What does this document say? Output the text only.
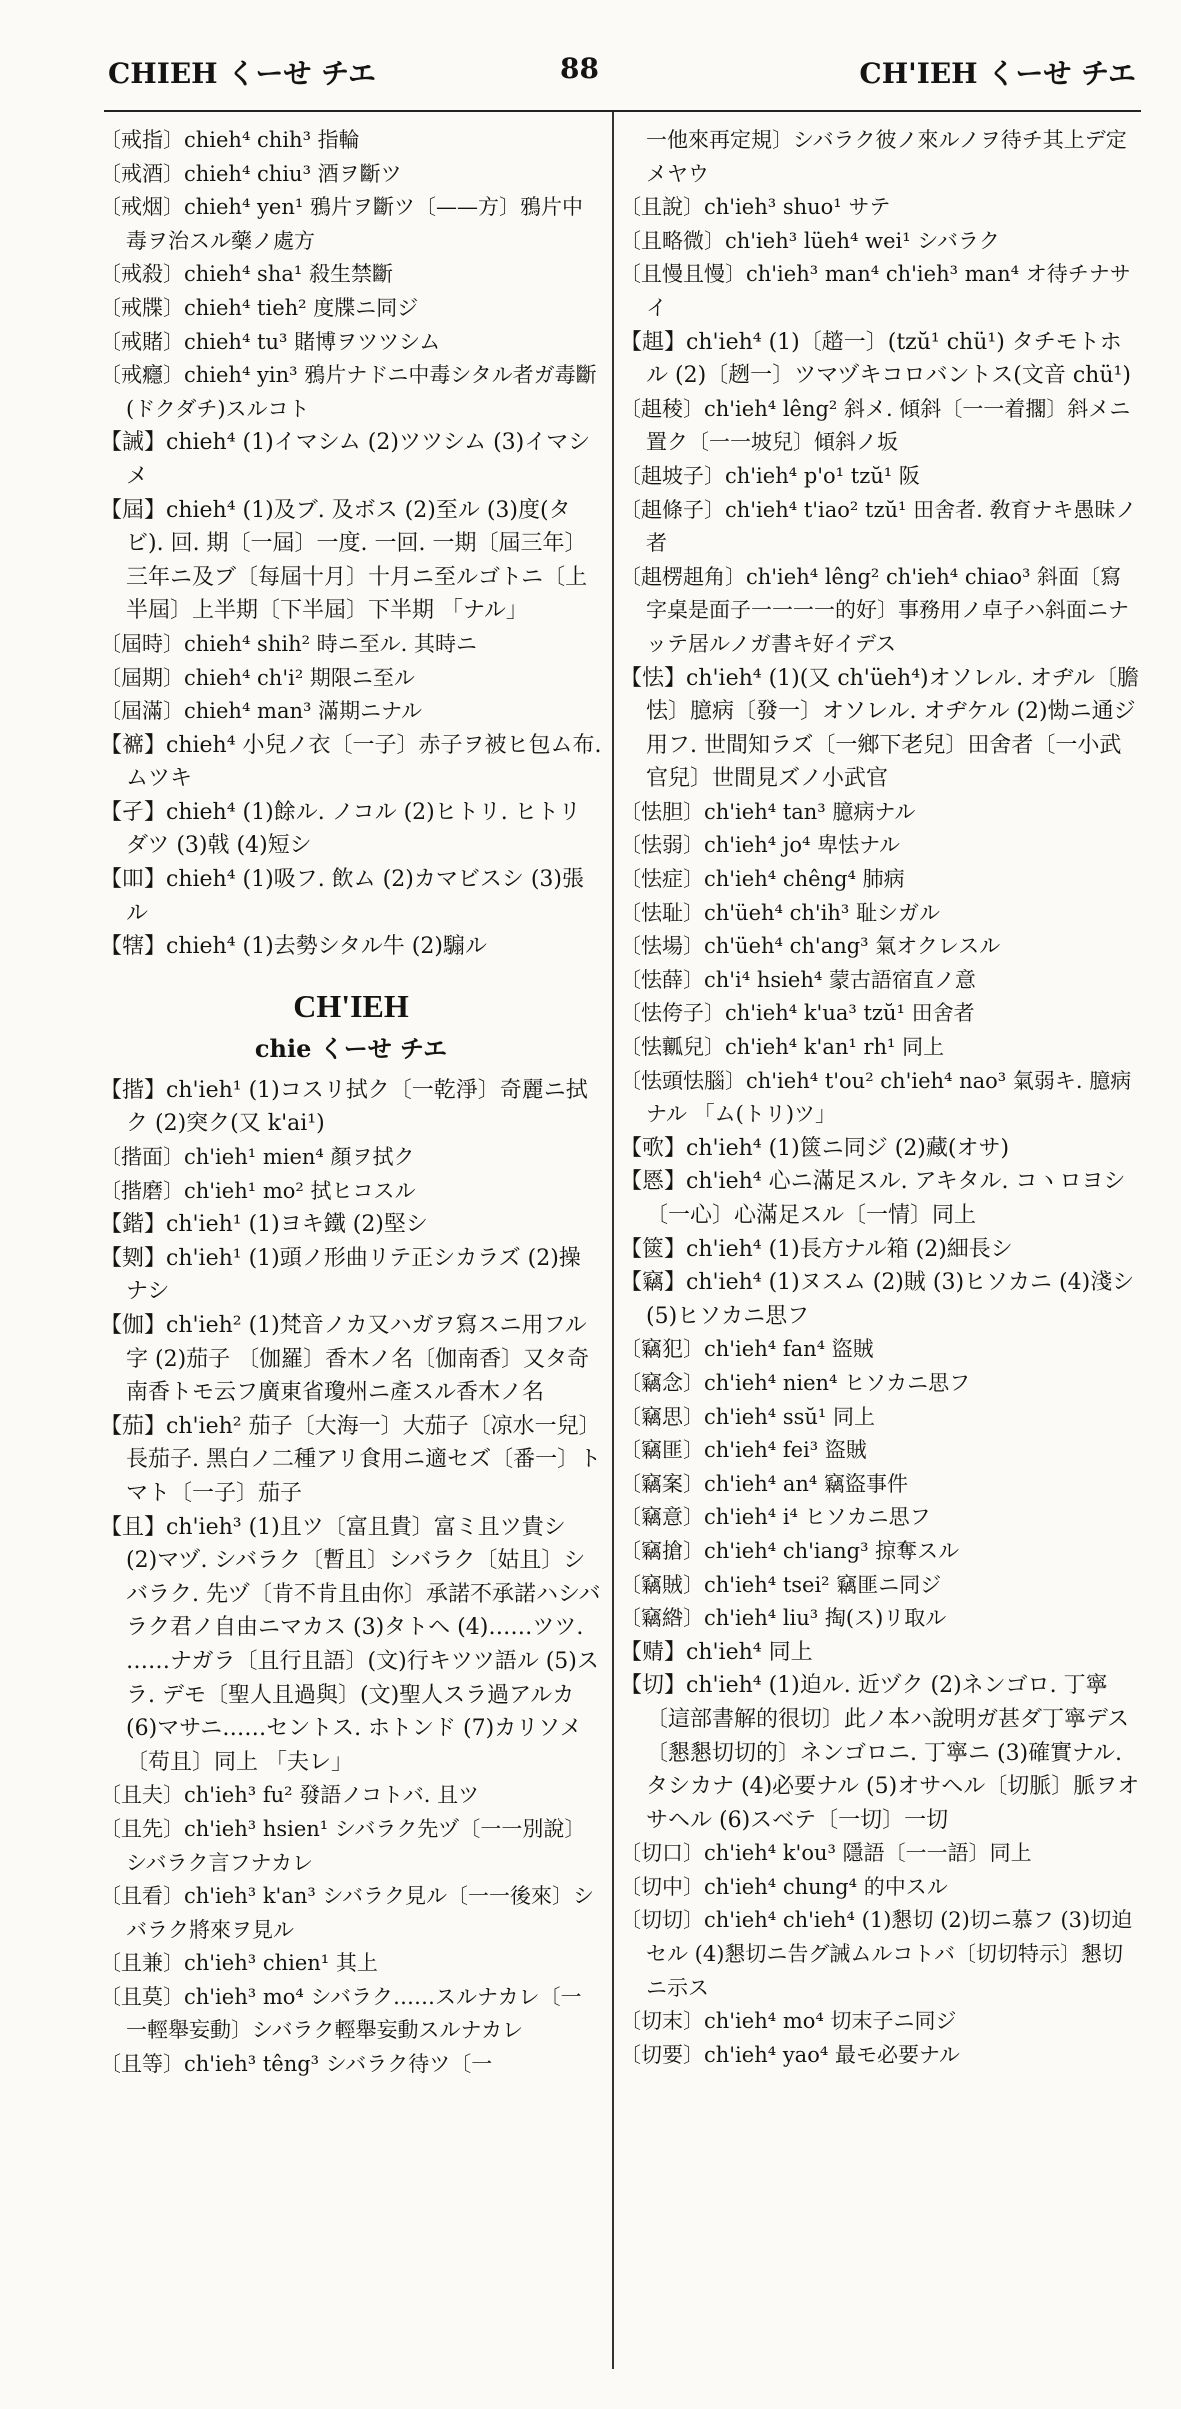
CHIEH くーせ チエ	88	CH'IEH くーせ チエ

〔戒指〕chieh⁴ chih³ 指輪

〔戒酒〕chieh⁴ chiu³ 酒ヲ斷ツ

〔戒烟〕chieh⁴ yen¹ 鴉片ヲ斷ツ〔——方〕鴉片中毒ヲ治スル藥ノ處方

〔戒殺〕chieh⁴ sha¹ 殺生禁斷

〔戒牒〕chieh⁴ tieh² 度牒ニ同ジ

〔戒賭〕chieh⁴ tu³ 賭博ヲツツシム

〔戒癮〕chieh⁴ yin³ 鴉片ナドニ中毒シタル者ガ毒斷(ドクダチ)スルコト

【誡】chieh⁴ (1)イマシム (2)ツツシム (3)イマシメ

【屆】chieh⁴ (1)及ブ. 及ボス (2)至ル (3)度(タビ). 回. 期〔一屆〕一度. 一回. 一期〔屆三年〕三年ニ及ブ〔每屆十月〕十月ニ至ルゴトニ〔上半屆〕上半期〔下半屆〕下半期 「ナル」

〔屆時〕chieh⁴ shih² 時ニ至ル. 其時ニ

〔屆期〕chieh⁴ ch'i² 期限ニ至ル

〔屆滿〕chieh⁴ man³ 滿期ニナル

【褯】chieh⁴ 小兒ノ衣〔一子〕赤子ヲ被ヒ包ム布. ムツキ

【孑】chieh⁴ (1)餘ル. ノコル (2)ヒトリ. ヒトリダツ (3)戟 (4)短シ

【吅】chieh⁴ (1)吸フ. 飲ム (2)カマビスシ (3)張ル

【犗】chieh⁴ (1)去勢シタル牛 (2)騸ル

CH'IEH
chie くーせ チエ

【揩】ch'ieh¹ (1)コスリ拭ク〔一乾淨〕奇麗ニ拭ク (2)突ク(又 k'ai¹)

〔揩面〕ch'ieh¹ mien⁴ 顏ヲ拭ク

〔揩磨〕ch'ieh¹ mo² 拭ヒコスル

【鍇】ch'ieh¹ (1)ヨキ鐵 (2)堅シ

【㓶】ch'ieh¹ (1)頭ノ形曲リテ正シカラズ (2)操ナシ

【伽】ch'ieh² (1)梵音ノカ又ハガヲ寫スニ用フル字 (2)茄子 〔伽羅〕香木ノ名〔伽南香〕又タ奇南香トモ云フ廣東省瓊州ニ產スル香木ノ名

【茄】ch'ieh² 茄子〔大海一〕大茄子〔凉水一兒〕長茄子. 黑白ノ二種アリ食用ニ適セズ〔番一〕トマト〔一子〕茄子

【且】ch'ieh³ (1)且ツ〔富且貴〕富ミ且ツ貴シ (2)マヅ. シバラク〔暫且〕シバラク〔姑且〕シバラク. 先ヅ〔肯不肯且由你〕承諾不承諾ハシバラク君ノ自由ニマカス (3)タトヘ (4)……ツツ. ……ナガラ〔且行且語〕(文)行キツツ語ル (5)スラ. デモ〔聖人且過與〕(文)聖人スラ過アルカ (6)マサニ……セントス. ホトンド (7)カリソメ〔苟且〕同上 「夫レ」

〔且夫〕ch'ieh³ fu² 發語ノコトバ. 且ツ

〔且先〕ch'ieh³ hsien¹ シバラク先ヅ〔一一別說〕シバラク言フナカレ

〔且看〕ch'ieh³ k'an³ シバラク見ル〔一一後來〕シバラク將來ヲ見ル

〔且兼〕ch'ieh³ chien¹ 其上

〔且莫〕ch'ieh³ mo⁴ シバラク……スルナカレ〔一一輕舉妄動〕シバラク輕舉妄動スルナカレ

〔且等〕ch'ieh³ têng³ シバラク待ツ〔一

一他來再定規〕シバラク彼ノ來ルノヲ待チ其上デ定メヤウ

〔且說〕ch'ieh³ shuo¹ サテ

〔且略微〕ch'ieh³ lüeh⁴ wei¹ シバラク

〔且慢且慢〕ch'ieh³ man⁴ ch'ieh³ man⁴ オ待チナサイ

【趄】ch'ieh⁴ (1)〔趦一〕(tzŭ¹ chü¹) タチモトホル (2)〔趔一〕ツマヅキコロバントス(文音 chü¹)

〔趄稜〕ch'ieh⁴ lêng² 斜メ. 傾斜〔一一着擱〕斜メニ置ク〔一一坡兒〕傾斜ノ坂

〔趄坡子〕ch'ieh⁴ p'o¹ tzŭ¹ 阪

〔趄條子〕ch'ieh⁴ t'iao² tzŭ¹ 田舍者. 敎育ナキ愚昧ノ者

〔趄楞趄角〕ch'ieh⁴ lêng² ch'ieh⁴ chiao³ 斜面〔寫字桌是面子一一一一的好〕事務用ノ卓子ハ斜面ニナッテ居ルノガ書キ好イデス

【怯】ch'ieh⁴ (1)(又 ch'üeh⁴)オソレル. オヂル〔膽怯〕臆病〔發一〕オソレル. オヂケル (2)㤼ニ通ジ用フ. 世間知ラズ〔一鄉下老兒〕田舍者〔一小武官兒〕世間見ズノ小武官

〔怯胆〕ch'ieh⁴ tan³ 臆病ナル

〔怯弱〕ch'ieh⁴ jo⁴ 卑怯ナル

〔怯症〕ch'ieh⁴ chêng⁴ 肺病

〔怯耻〕ch'üeh⁴ ch'ih³ 耻シガル

〔怯場〕ch'üeh⁴ ch'ang³ 氣オクレスル

〔怯薛〕ch'i⁴ hsieh⁴ 蒙古語宿直ノ意

〔怯侉子〕ch'ieh⁴ k'ua³ tzŭ¹ 田舍者

〔怯瓤兒〕ch'ieh⁴ k'an¹ rh¹ 同上

〔怯頭怯腦〕ch'ieh⁴ t'ou² ch'ieh⁴ nao³ 氣弱キ. 臆病ナル 「ム(トリ)ツ」

【㰤】ch'ieh⁴ (1)篋ニ同ジ (2)藏(オサ)

【㥦】ch'ieh⁴ 心ニ滿足スル. アキタル. コヽロヨシ〔一心〕心滿足スル〔一情〕同上

【篋】ch'ieh⁴ (1)長方ナル箱 (2)細長シ

【竊】ch'ieh⁴ (1)ヌスム (2)賊 (3)ヒソカニ (4)淺シ (5)ヒソカニ思フ

〔竊犯〕ch'ieh⁴ fan⁴ 盜賊

〔竊念〕ch'ieh⁴ nien⁴ ヒソカニ思フ

〔竊思〕ch'ieh⁴ ssŭ¹ 同上

〔竊匪〕ch'ieh⁴ fei³ 盜賊

〔竊案〕ch'ieh⁴ an⁴ 竊盜事件

〔竊意〕ch'ieh⁴ i⁴ ヒソカニ思フ

〔竊搶〕ch'ieh⁴ ch'iang³ 掠奪スル

〔竊賊〕ch'ieh⁴ tsei² 竊匪ニ同ジ

〔竊綹〕ch'ieh⁴ liu³ 掏(ス)リ取ル

【䞍】ch'ieh⁴ 同上

【切】ch'ieh⁴ (1)迫ル. 近ヅク (2)ネンゴロ. 丁寧〔這部書解的很切〕此ノ本ハ說明ガ甚ダ丁寧デス〔懇懇切切的〕ネンゴロニ. 丁寧ニ (3)確實ナル. タシカナ (4)必要ナル (5)オサヘル〔切脈〕脈ヲオサヘル (6)スベテ〔一切〕一切

〔切口〕ch'ieh⁴ k'ou³ 隱語〔一一語〕同上

〔切中〕ch'ieh⁴ chung⁴ 的中スル

〔切切〕ch'ieh⁴ ch'ieh⁴ (1)懇切 (2)切ニ慕フ (3)切迫セル (4)懇切ニ告グ誡ムルコトバ〔切切特示〕懇切ニ示ス

〔切末〕ch'ieh⁴ mo⁴ 切末子ニ同ジ

〔切要〕ch'ieh⁴ yao⁴ 最モ必要ナル
